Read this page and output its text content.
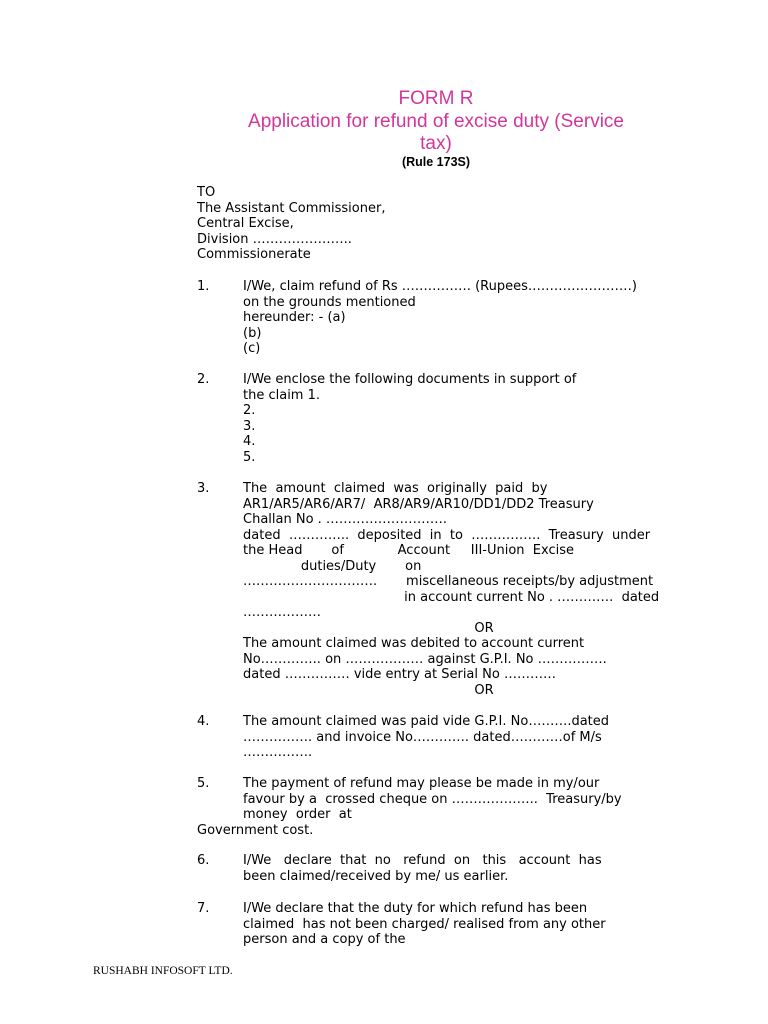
FORM R
Application for refund of excise duty (Service
tax)
(Rule 173S)
TO
The Assistant Commissioner,
Central Excise,
Division …………………..
Commissionerate
1.	I/We, claim refund of Rs ……………. (Rupees……………………)
on the grounds mentioned
hereunder: - (a)
(b)
(c)
2.	I/We enclose the following documents in support of
the claim 1.
2.
3.
4.
5.
3.	The  amount  claimed  was  originally  paid  by
AR1/AR5/AR6/AR7/  AR8/AR9/AR10/DD1/DD2 Treasury
Challan No . ……………………….
dated  …………..  deposited  in  to  …………….  Treasury  under
the Head       of             Account     III-Union  Excise
duties/Duty       on
………………………….       miscellaneous receipts/by adjustment
in account current No . ………….  dated
………………
OR
The amount claimed was debited to account current
No………….. on ……………… against G.P.I. No …………….
dated …………… vide entry at Serial No …………
OR
4.	The amount claimed was paid vide G.P.I. No……….dated
……………. and invoice No…………. dated…………of M/s
…………….
5.	The payment of refund may please be made in my/our
favour by a  crossed cheque on ………………..  Treasury/by
money  order  at
Government cost.
6.	I/We   declare  that  no   refund  on   this   account  has
been claimed/received by me/ us earlier.
7.	I/We declare that the duty for which refund has been
claimed  has not been charged/ realised from any other
person and a copy of the
RUSHABH INFOSOFT LTD.
